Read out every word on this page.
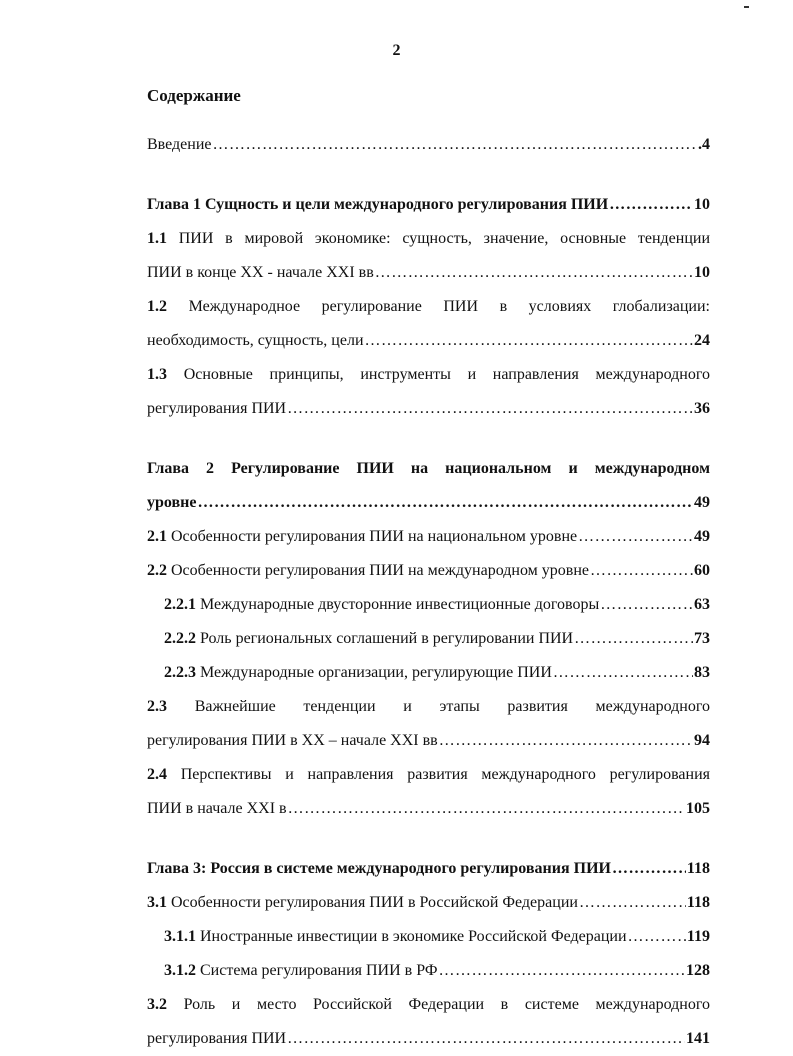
2
Содержание
Введение …………………………………………………………………………………………………………………………………………	.4
Глава 1 Сущность и цели международного регулирования ПИИ …………………………………………………………………………………………………………………………………………	10
1.1 ПИИ в мировой экономике: сущность, значение, основные тенденции
ПИИ в конце XX - начале XXI вв …………………………………………………………………………………………………………………………………………	10
1.2 Международное регулирование ПИИ в условиях глобализации:
необходимость, сущность, цели …………………………………………………………………………………………………………………………………………	24
1.3 Основные принципы, инструменты и направления международного
регулирования ПИИ …………………………………………………………………………………………………………………………………………	36
Глава 2 Регулирование ПИИ на национальном и международном
уровне …………………………………………………………………………………………………………………………………………	49
2.1 Особенности регулирования ПИИ на национальном уровне …………………………………………………………………………………………………………………………………………	49
2.2 Особенности регулирования ПИИ на международном уровне …………………………………………………………………………………………………………………………………………	60
2.2.1 Международные двусторонние инвестиционные договоры …………………………………………………………………………………………………………………………………………	63
2.2.2 Роль региональных соглашений в регулировании ПИИ …………………………………………………………………………………………………………………………………………	73
2.2.3 Международные организации, регулирующие ПИИ …………………………………………………………………………………………………………………………………………	83
2.3 Важнейшие тенденции и этапы развития международного
регулирования ПИИ в XX – начале XXI вв …………………………………………………………………………………………………………………………………………	94
2.4 Перспективы и направления развития международного регулирования
ПИИ в начале XXI в …………………………………………………………………………………………………………………………………………	105
Глава 3: Россия в системе международного регулирования ПИИ …………………………………………………………………………………………………………………………………………	118
3.1 Особенности регулирования ПИИ в Российской Федерации …………………………………………………………………………………………………………………………………………	118
3.1.1 Иностранные инвестиции в экономике Российской Федерации …………………………………………………………………………………………………………………………………………	119
3.1.2 Система регулирования ПИИ в РФ …………………………………………………………………………………………………………………………………………	128
3.2 Роль и место Российской Федерации в системе международного
регулирования ПИИ …………………………………………………………………………………………………………………………………………	141
